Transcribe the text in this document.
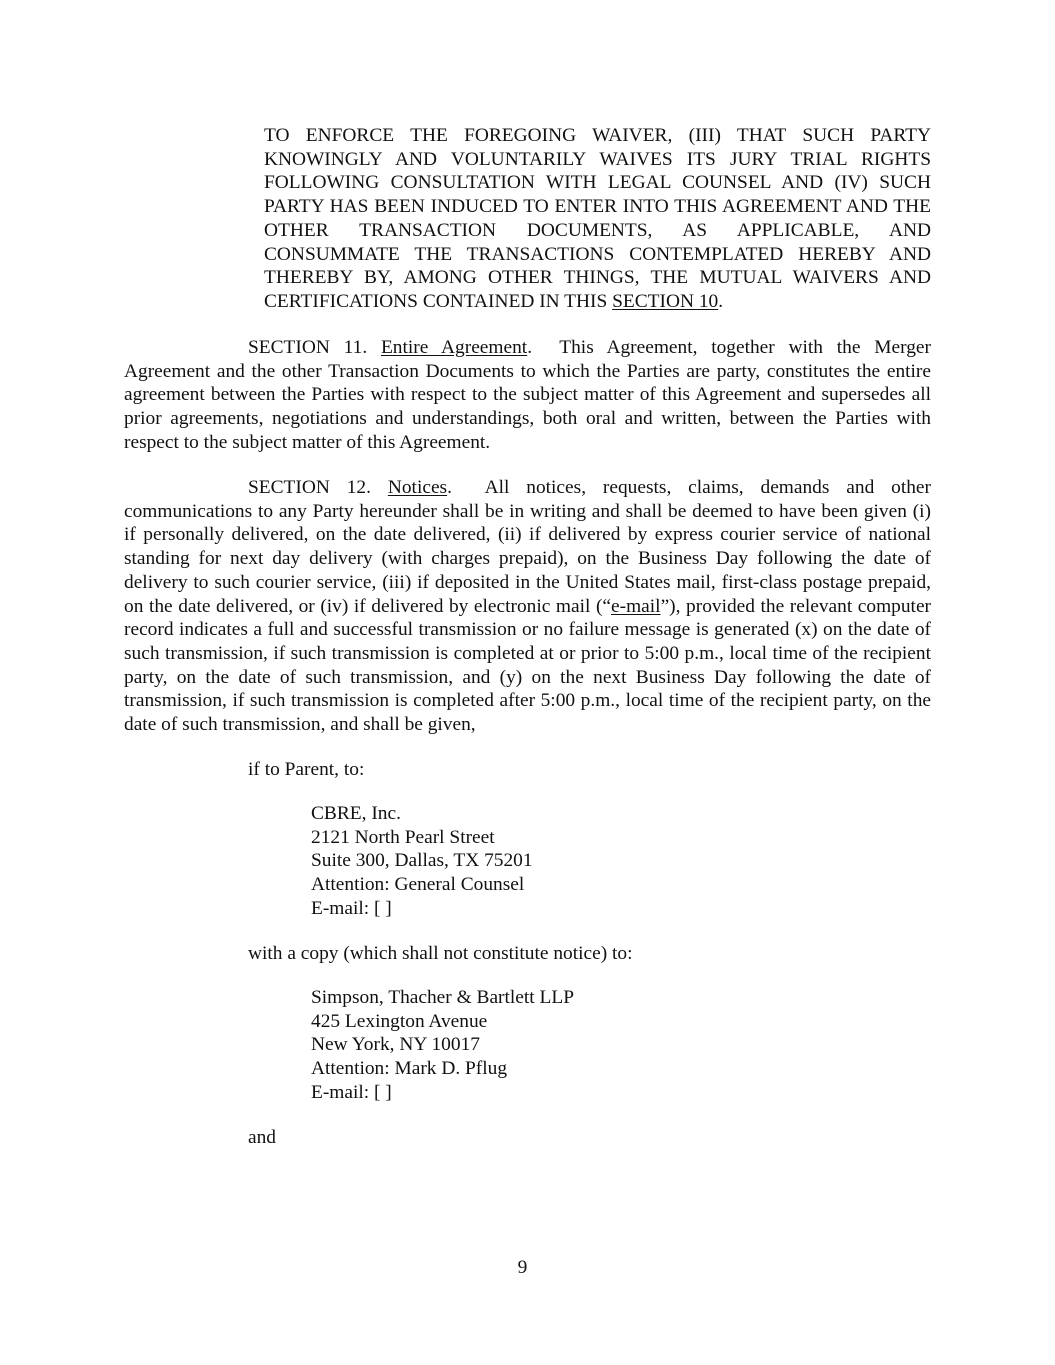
TO ENFORCE THE FOREGOING WAIVER, (III) THAT SUCH PARTY KNOWINGLY AND VOLUNTARILY WAIVES ITS JURY TRIAL RIGHTS FOLLOWING CONSULTATION WITH LEGAL COUNSEL AND (IV) SUCH PARTY HAS BEEN INDUCED TO ENTER INTO THIS AGREEMENT AND THE OTHER TRANSACTION DOCUMENTS, AS APPLICABLE, AND CONSUMMATE THE TRANSACTIONS CONTEMPLATED HEREBY AND THEREBY BY, AMONG OTHER THINGS, THE MUTUAL WAIVERS AND CERTIFICATIONS CONTAINED IN THIS SECTION 10.

SECTION 11. Entire Agreement. This Agreement, together with the Merger Agreement and the other Transaction Documents to which the Parties are party, constitutes the entire agreement between the Parties with respect to the subject matter of this Agreement and supersedes all prior agreements, negotiations and understandings, both oral and written, between the Parties with respect to the subject matter of this Agreement.

SECTION 12. Notices. All notices, requests, claims, demands and other communications to any Party hereunder shall be in writing and shall be deemed to have been given (i) if personally delivered, on the date delivered, (ii) if delivered by express courier service of national standing for next day delivery (with charges prepaid), on the Business Day following the date of delivery to such courier service, (iii) if deposited in the United States mail, first-class postage prepaid, on the date delivered, or (iv) if delivered by electronic mail (“e-mail”), provided the relevant computer record indicates a full and successful transmission or no failure message is generated (x) on the date of such transmission, if such transmission is completed at or prior to 5:00 p.m., local time of the recipient party, on the date of such transmission, and (y) on the next Business Day following the date of transmission, if such transmission is completed after 5:00 p.m., local time of the recipient party, on the date of such transmission, and shall be given,

if to Parent, to:

CBRE, Inc.
2121 North Pearl Street
Suite 300, Dallas, TX 75201
Attention: General Counsel
E-mail: [ ]

with a copy (which shall not constitute notice) to:

Simpson, Thacher & Bartlett LLP
425 Lexington Avenue
New York, NY 10017
Attention: Mark D. Pflug
E-mail: [ ]

and

9
